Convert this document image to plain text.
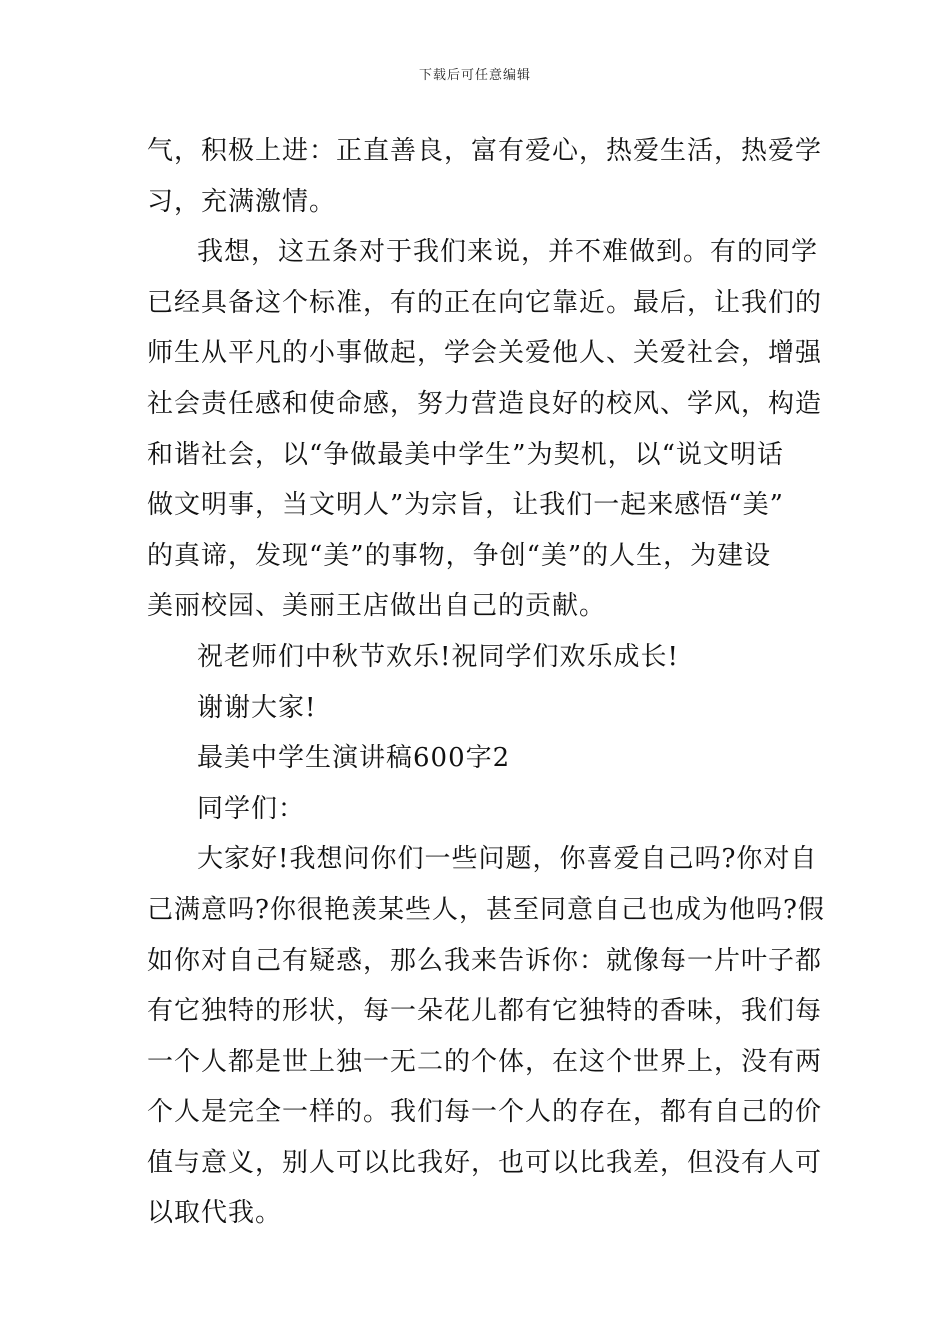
下载后可任意编辑
气，积极上进：正直善良，富有爱心，热爱生活，热爱学
习，充满激情。
我想，这五条对于我们来说，并不难做到。有的同学
已经具备这个标准，有的正在向它靠近。最后，让我们的
师生从平凡的小事做起，学会关爱他人、关爱社会，增强
社会责任感和使命感，努力营造良好的校风、学风，构造
和谐社会，以“争做最美中学生”为契机，以“说文明话
做文明事，当文明人”为宗旨，让我们一起来感悟“美”
的真谛，发现“美”的事物，争创“美”的人生，为建设
美丽校园、美丽王店做出自己的贡献。
祝老师们中秋节欢乐!祝同学们欢乐成长!
谢谢大家!
最美中学生演讲稿600字2
同学们：
大家好!我想问你们一些问题，你喜爱自己吗?你对自
己满意吗?你很艳羡某些人，甚至同意自己也成为他吗?假
如你对自己有疑惑，那么我来告诉你：就像每一片叶子都
有它独特的形状，每一朵花儿都有它独特的香味，我们每
一个人都是世上独一无二的个体，在这个世界上，没有两
个人是完全一样的。我们每一个人的存在，都有自己的价
值与意义，别人可以比我好，也可以比我差，但没有人可
以取代我。
